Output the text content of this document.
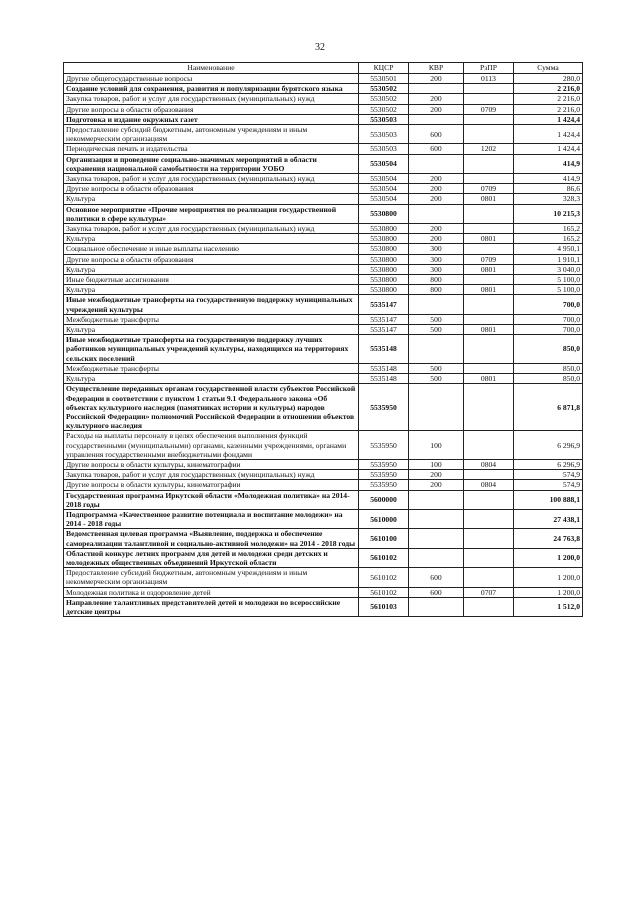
32
Наименование	КЦСР	КВР	РзПР	Сумма
Другие общегосударственные вопросы	5530501	200	0113	280,0
Создание условий для сохранения, развития и популяризации бурятского языка	5530502			2 216,0
Закупка товаров, работ и услуг для государственных (муниципальных) нужд	5530502	200		2 216,0
Другие вопросы в области образования	5530502	200	0709	2 216,0
Подготовка и издание окружных газет	5530503			1 424,4
Предоставление субсидий бюджетным, автономным учреждениям и иным некоммерческим организациям	5530503	600		1 424,4
Периодическая печать и издательства	5530503	600	1202	1 424,4
Организация и проведение социально-значимых мероприятий в области сохранения национальной самобытности на территории УОБО	5530504			414,9
Закупка товаров, работ и услуг для государственных (муниципальных) нужд	5530504	200		414,9
Другие вопросы в области образования	5530504	200	0709	86,6
Культура	5530504	200	0801	328,3
Основное мероприятие «Прочие мероприятия по реализации государственной политики в сфере культуры»	5530800			10 215,3
Закупка товаров, работ и услуг для государственных (муниципальных) нужд	5530800	200		165,2
Культура	5530800	200	0801	165,2
Социальное обеспечение и иные выплаты населению	5530800	300		4 950,1
Другие вопросы в области образования	5530800	300	0709	1 910,1
Культура	5530800	300	0801	3 040,0
Иные бюджетные ассигнования	5530800	800		5 100,0
Культура	5530800	800	0801	5 100,0
Иные межбюджетные трансферты на государственную поддержку муниципальных учреждений культуры	5535147			700,0
Межбюджетные трансферты	5535147	500		700,0
Культура	5535147	500	0801	700,0
Иные межбюджетные трансферты на государственную поддержку лучших работников муниципальных учреждений культуры, находящихся на территориях сельских поселений	5535148			850,0
Межбюджетные трансферты	5535148	500		850,0
Культура	5535148	500	0801	850,0
Осуществление переданных органам государственной власти субъектов Российской Федерации в соответствии с пунктом 1 статьи 9.1 Федерального закона «Об объектах культурного наследия (памятниках истории и культуры) народов Российской Федерации» полномочий Российской Федерации в отношении объектов культурного наследия	5535950			6 871,8
Расходы на выплаты персоналу в целях обеспечения выполнения функций государственными (муниципальными) органами, казенными учреждениями, органами управления государственными внебюджетными фондами	5535950	100		6 296,9
Другие вопросы в области культуры, кинематографии	5535950	100	0804	6 296,9
Закупка товаров, работ и услуг для государственных (муниципальных) нужд	5535950	200		574,9
Другие вопросы в области культуры, кинематографии	5535950	200	0804	574,9
Государственная программа Иркутской области «Молодежная политика» на 2014-2018 годы	5600000			100 888,1
Подпрограмма «Качественное развитие потенциала и воспитание молодежи» на 2014 - 2018 годы	5610000			27 438,1
Ведомственная целевая программа «Выявление, поддержка и обеспечение самореализации талантливой и социально-активной молодежи» на 2014 - 2018 годы	5610100			24 763,8
Областной конкурс летних программ для детей и молодежи среди детских и молодежных общественных объединений Иркутской области	5610102			1 200,0
Предоставление субсидий бюджетным, автономным учреждениям и иным некоммерческим организациям	5610102	600		1 200,0
Молодежная политика и оздоровление детей	5610102	600	0707	1 200,0
Направление талантливых представителей детей и молодежи во всероссийские детские центры	5610103			1 512,0
